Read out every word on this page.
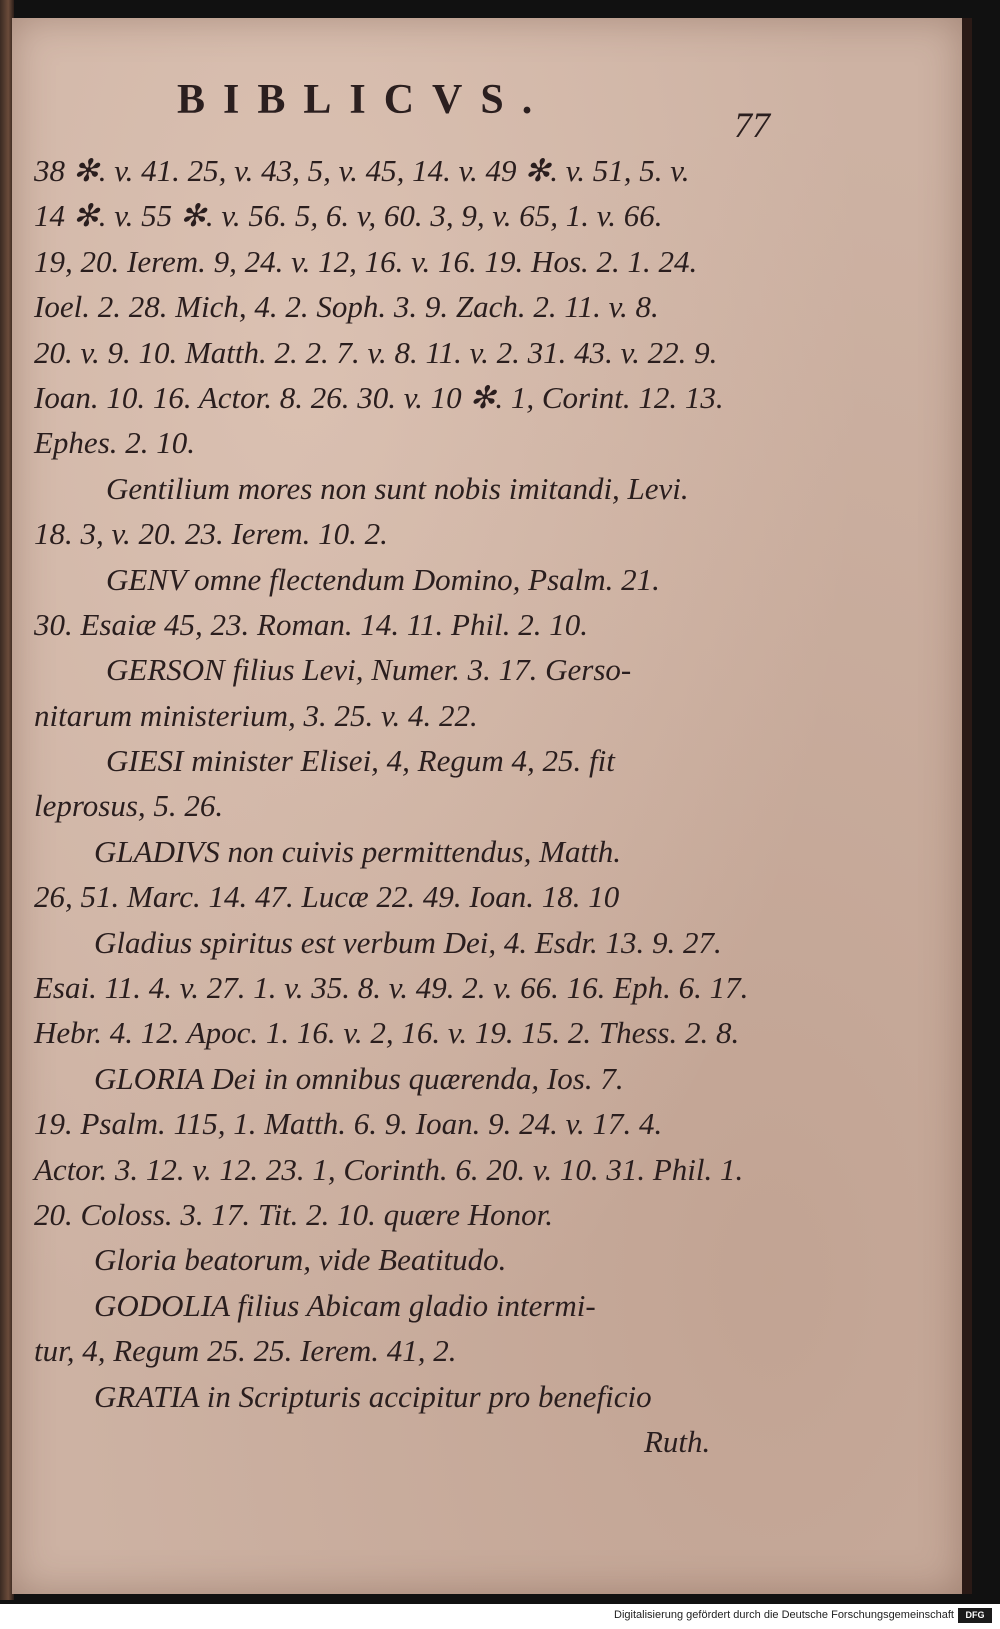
BIBLICVS.
77
38 ✻. v. 41. 25, v. 43, 5, v. 45, 14. v. 49 ✻. v. 51, 5. v.
14 ✻. v. 55 ✻. v. 56. 5, 6. v, 60. 3, 9, v. 65, 1. v. 66.
19, 20. Ierem. 9, 24. v. 12, 16. v. 16. 19. Hos. 2. 1. 24.
Ioel. 2. 28. Mich, 4. 2. Soph. 3. 9. Zach. 2. 11. v. 8.
20. v. 9. 10. Matth. 2. 2. 7. v. 8. 11. v. 2. 31. 43. v. 22. 9.
Ioan. 10. 16. Actor. 8. 26. 30. v. 10 ✻. 1, Corint. 12. 13.
Ephes. 2. 10.
Gentilium mores non sunt nobis imitandi, Levi.
18. 3, v. 20. 23. Ierem. 10. 2.
GENV omne flectendum Domino, Psalm. 21.
30. Esaiæ 45, 23. Roman. 14. 11. Phil. 2. 10.
GERSON filius Levi, Numer. 3. 17. Gerso-
nitarum ministerium, 3. 25. v. 4. 22.
GIESI minister Elisei, 4, Regum 4, 25. fit
leprosus, 5. 26.
GLADIVS non cuivis permittendus, Matth.
26, 51. Marc. 14. 47. Lucæ 22. 49. Ioan. 18. 10
Gladius spiritus est verbum Dei, 4. Esdr. 13. 9. 27.
Esai. 11. 4. v. 27. 1. v. 35. 8. v. 49. 2. v. 66. 16. Eph. 6. 17.
Hebr. 4. 12. Apoc. 1. 16. v. 2, 16. v. 19. 15. 2. Thess. 2. 8.
GLORIA Dei in omnibus quærenda, Ios. 7.
19. Psalm. 115, 1. Matth. 6. 9. Ioan. 9. 24. v. 17. 4.
Actor. 3. 12. v. 12. 23. 1, Corinth. 6. 20. v. 10. 31. Phil. 1.
20. Coloss. 3. 17. Tit. 2. 10. quære Honor.
Gloria beatorum, vide Beatitudo.
GODOLIA filius Abicam gladio intermi-
tur, 4, Regum 25. 25. Ierem. 41, 2.
GRATIA in Scripturis accipitur pro beneficio
Ruth.
Digitalisierung gefördert durch die Deutsche Forschungsgemeinschaft	DFG
